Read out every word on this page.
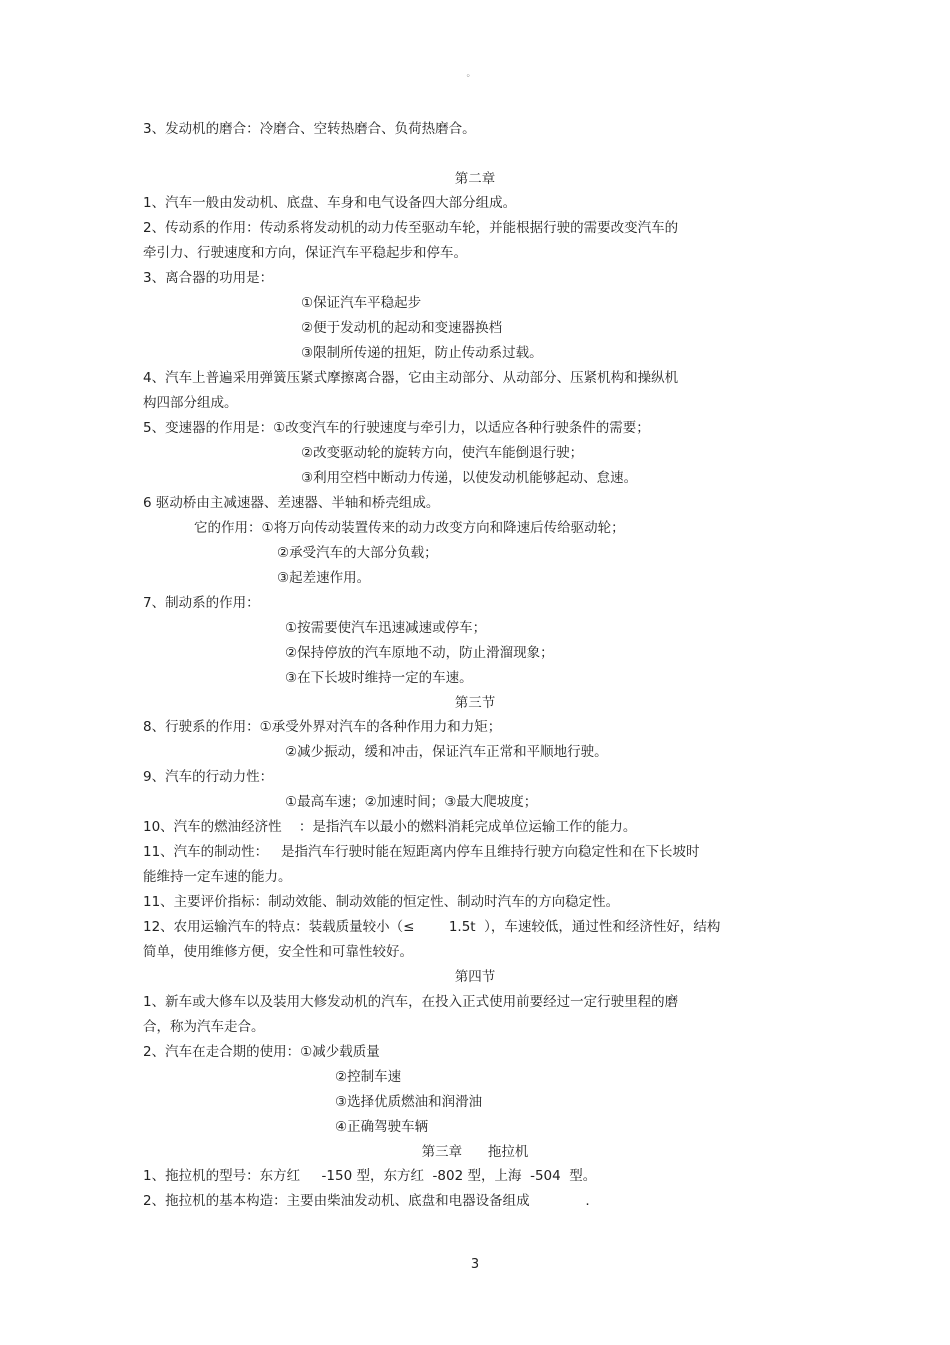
。
3、发动机的磨合：冷磨合、空转热磨合、负荷热磨合。
第二章
1、汽车一般由发动机、底盘、车身和电气设备四大部分组成。
2、传动系的作用：传动系将发动机的动力传至驱动车轮，并能根据行驶的需要改变汽车的
牵引力、行驶速度和方向，保证汽车平稳起步和停车。
3、离合器的功用是：
①保证汽车平稳起步
②便于发动机的起动和变速器换档
③限制所传递的扭矩，防止传动系过载。
4、汽车上普遍采用弹簧压紧式摩擦离合器，它由主动部分、从动部分、压紧机构和操纵机
构四部分组成。
5、变速器的作用是：①改变汽车的行驶速度与牵引力，以适应各种行驶条件的需要；
②改变驱动轮的旋转方向，使汽车能倒退行驶；
③利用空档中断动力传递，以使发动机能够起动、怠速。
6 驱动桥由主减速器、差速器、半轴和桥壳组成。
它的作用：①将万向传动装置传来的动力改变方向和降速后传给驱动轮；
②承受汽车的大部分负载；
③起差速作用。
7、制动系的作用：
①按需要使汽车迅速减速或停车；
②保持停放的汽车原地不动，防止滑溜现象；
③在下长坡时维持一定的车速。
第三节
8、行驶系的作用：①承受外界对汽车的各种作用力和力矩；
②减少振动，缓和冲击，保证汽车正常和平顺地行驶。
9、汽车的行动力性：
①最高车速；②加速时间；③最大爬坡度；
10、汽车的燃油经济性    ：是指汽车以最小的燃料消耗完成单位运输工作的能力。
11、汽车的制动性：   是指汽车行驶时能在短距离内停车且维持行驶方向稳定性和在下长坡时
能维持一定车速的能力。
11、主要评价指标：制动效能、制动效能的恒定性、制动时汽车的方向稳定性。
12、农用运输汽车的特点：装载质量较小（≤        1.5t  ），车速较低，通过性和经济性好，结构
简单，使用维修方便，安全性和可靠性较好。
第四节
1、新车或大修车以及装用大修发动机的汽车，在投入正式使用前要经过一定行驶里程的磨
合，称为汽车走合。
2、汽车在走合期的使用：①减少载质量
②控制车速
③选择优质燃油和润滑油
④正确驾驶车辆
第三章      拖拉机
1、拖拉机的型号：东方红     -150 型，东方红  -802 型，上海  -504  型。
2、拖拉机的基本构造：主要由柴油发动机、底盘和电器设备组成             .
3
